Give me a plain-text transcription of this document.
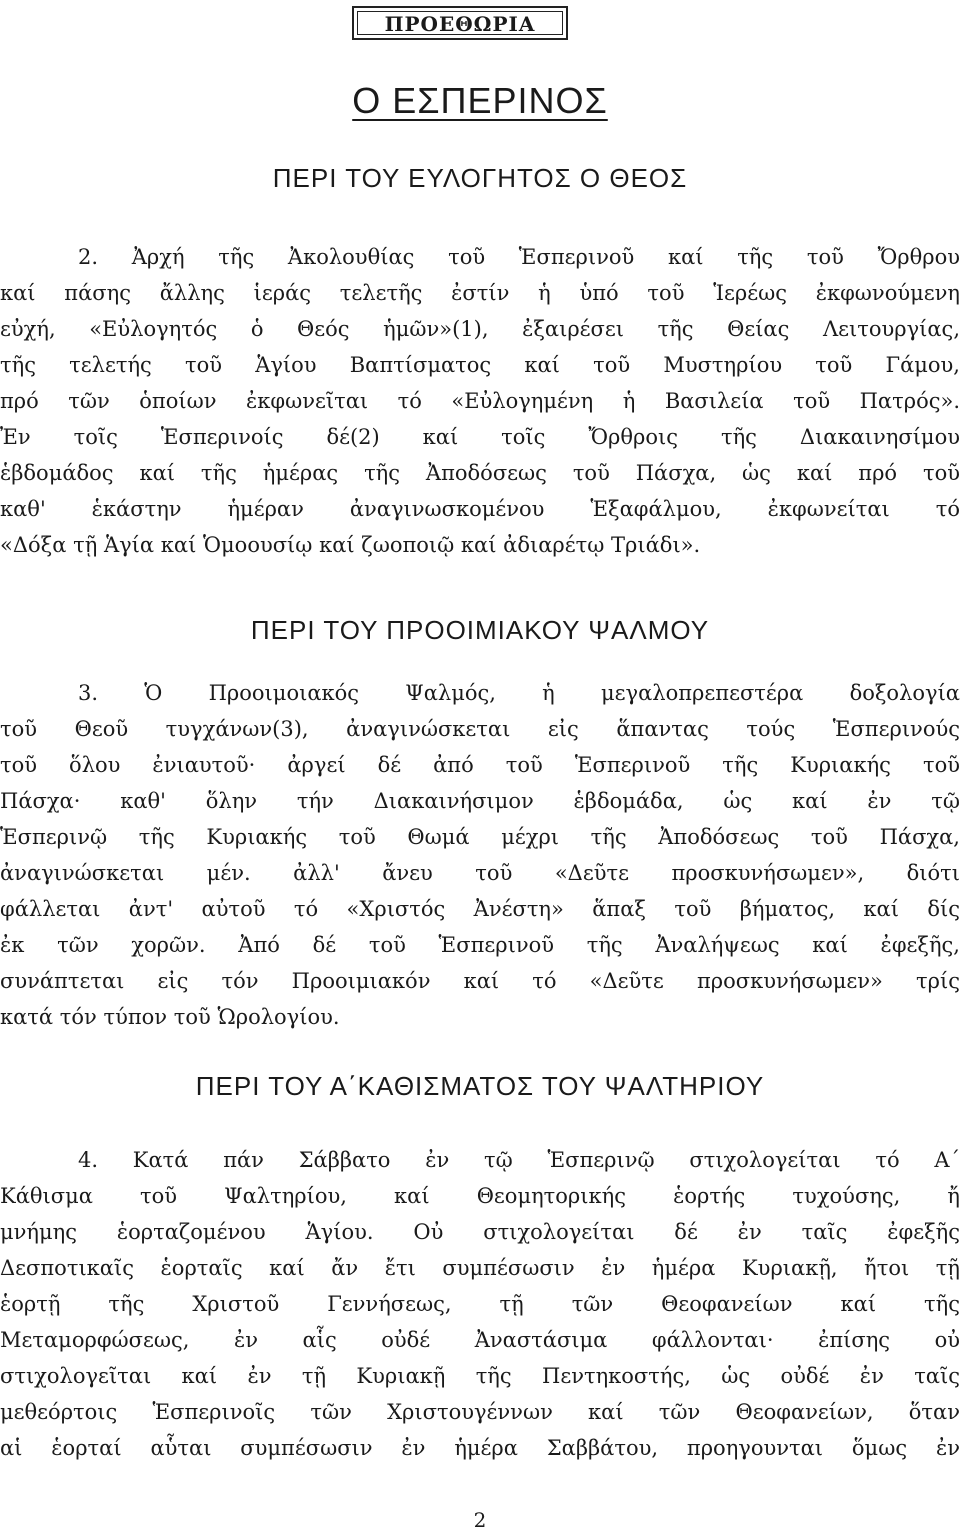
ΠΡΟΕΘΩΡΙΑ
Ο ΕΣΠΕΡΙΝΟΣ
ΠΕΡΙ ΤΟΥ ΕΥΛΟΓΗΤΟΣ Ο ΘΕΟΣ
2. Ἀρχή τῆς Ἀκολουθίας τοῦ Ἑσπερινοῦ καί τῆς τοῦ Ὄρθρου
καί πάσης ἄλλης ἱεράς τελετῆς ἐστίν ἡ ὑπό τοῦ Ἱερέως ἐκφωνούμενη
εὐχή, «Εὐλογητός ὁ Θεός ἡμῶν»(1), ἐξαιρέσει τῆς Θείας Λειτουργίας,
τῆς τελετής τοῦ Ἁγίου Βαπτίσματος καί τοῦ Μυστηρίου τοῦ Γάμου,
πρό τῶν ὁποίων ἐκφωνεῖται τό «Εὐλογημένη ἡ Βασιλεία τοῦ Πατρός».
Ἐν τοῖς Ἑσπερινοίς δέ(2) καί τοῖς Ὄρθροις τῆς Διακαινησίμου
ἑβδομάδος καί τῆς ἡμέρας τῆς Ἀποδόσεως τοῦ Πάσχα, ὡς καί πρό τοῦ
καθ' ἑκάστην ἡμέραν ἀναγινωσκομένου Ἑξαφάλμου, ἐκφωνείται τό
«Δόξα τῇ Ἁγία καί Ὁμοουσίῳ καί ζωοποιῷ καί ἀδιαρέτῳ Τριάδι».
ΠΕΡΙ ΤΟΥ ΠΡΟΟΙΜΙΑΚΟΥ ΨΑΛΜΟΥ
3. Ὁ Προοιμοιακός Ψαλμός, ἡ μεγαλοπρεπεστέρα δοξολογία
τοῦ Θεοῦ τυγχάνων(3), ἀναγινώσκεται εἰς ἅπαντας τούς Ἑσπερινούς
τοῦ ὅλου ἐνιαυτοῦ· ἀργεί δέ ἀπό τοῦ Ἑσπερινοῦ τῆς Κυριακής τοῦ
Πάσχα· καθ' ὅλην τήν Διακαινήσιμον ἑβδομάδα, ὡς καί ἐν τῷ
Ἑσπερινῷ τῆς Κυριακής τοῦ Θωμά μέχρι τῆς Ἀποδόσεως τοῦ Πάσχα,
ἀναγινώσκεται μέν. ἀλλ' ἄνευ τοῦ «Δεῦτε προσκυνήσωμεν», διότι
φάλλεται ἀντ' αὐτοῦ τό «Χριστός Ἀνέστη» ἅπαξ τοῦ βήματος, καί δίς
ἐκ τῶν χορῶν. Ἀπό δέ τοῦ Ἑσπερινοῦ τῆς Ἀναλήψεως καί ἐφεξῆς,
συνάπτεται εἰς τόν Προοιμιακόν καί τό «Δεῦτε προσκυνήσωμεν» τρίς
κατά τόν τύπον τοῦ Ὡρολογίου.
ΠΕΡΙ ΤΟΥ Α΄ΚΑΘΙΣΜΑΤΟΣ ΤΟΥ ΨΑΛΤΗΡΙΟΥ
4. Κατά πάν Σάββατο ἐν τῷ Ἑσπερινῷ στιχολογείται τό Α΄
Κάθισμα τοῦ Ψαλτηρίου, καί Θεομητορικής ἑορτής τυχούσης, ἤ
μνήμης ἑορταζομένου Ἁγίου. Οὐ στιχολογείται δέ ἐν ταῖς ἐφεξῆς
Δεσποτικαῖς ἑορταῖς καί ἄν ἔτι συμπέσωσιν ἐν ἡμέρα Κυριακῇ, ἤτοι τῇ
ἑορτῇ τῆς Χριστοῦ Γεννήσεως, τῇ τῶν Θεοφανείων καί τῆς
Μεταμορφώσεως, ἐν αἷς οὐδέ Ἀναστάσιμα φάλλονται· ἐπίσης οὐ
στιχολογεῖται καί ἐν τῇ Κυριακῇ τῆς Πεντηκοστής, ὡς οὐδέ ἐν ταῖς
μεθεόρτοις Ἑσπερινοῖς τῶν Χριστουγέννων καί τῶν Θεοφανείων, ὅταν
αἱ ἑορταί αὗται συμπέσωσιν ἐν ἡμέρα Σαββάτου, προηγουνται ὅμως ἐν
2
